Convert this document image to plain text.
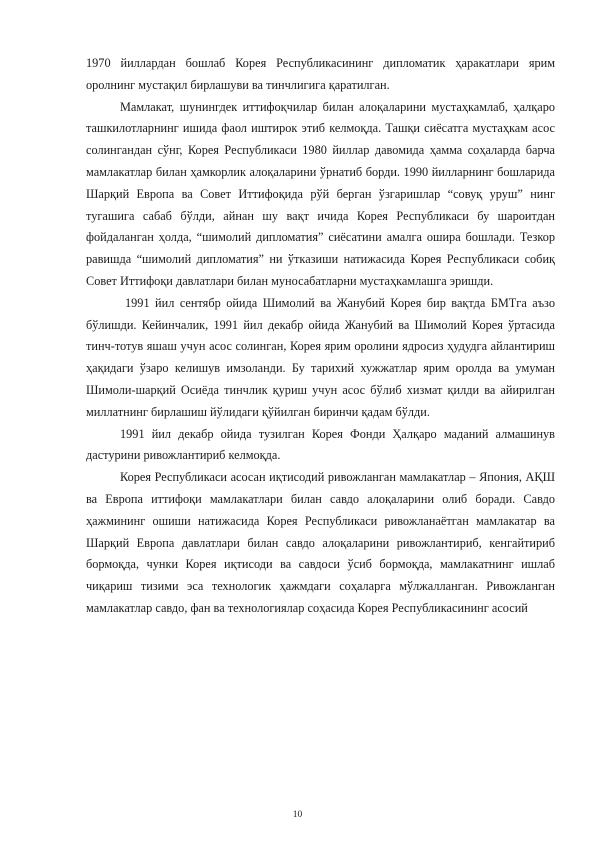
1970 йиллардан бошлаб Корея Республикасининг дипломатик ҳаракатлари ярим оролнинг мустақил бирлашуви ва тинчлигига қаратилган.

Мамлакат, шунингдек иттифоқчилар билан алоқаларини мустаҳкамлаб, ҳалқаро ташкилотларнинг ишида фаол иштирок этиб келмоқда. Ташқи сиёсатга мустаҳкам асос солингандан сўнг, Корея Республикаси 1980 йиллар давомида ҳамма соҳаларда барча мамлакатлар билан ҳамкорлик алоқаларини ўрнатиб борди. 1990 йилларнинг бошларида Шарқий Европа ва Совет Иттифоқида рўй берган ўзгаришлар “совуқ уруш” нинг тугашига сабаб бўлди, айнан шу вақт ичида Корея Республикаси бу шароитдан фойдаланган ҳолда, “шимолий дипломатия” сиёсатини амалга ошира бошлади. Тезкор равишда “шимолий дипломатия” ни ўтказиши натижасида Корея Республикаси собиқ Совет Иттифоқи давлатлари билан муносабатларни мустаҳкамлашга эришди.

1991 йил сентябр ойида Шимолий ва Жанубий Корея бир вақтда БМТга аъзо бўлишди. Кейинчалик, 1991 йил декабр ойида Жанубий ва Шимолий Корея ўртасида тинч-тотув яшаш учун асос солинган, Корея ярим оролини ядросиз ҳудудга айлантириш ҳақидаги ўзаро келишув имзоланди. Бу тарихий хужжатлар ярим оролда ва умуман Шимоли-шарқий Осиёда тинчлик қуриш учун асос бўлиб хизмат қилди ва айирилган миллатнинг бирлашиш йўлидаги қўйилган биринчи қадам бўлди.

1991 йил декабр ойида тузилган Корея Фонди Ҳалқаро маданий алмашинув дастурини ривожлантириб келмоқда.

Корея Республикаси асосан иқтисодий ривожланган мамлакатлар – Япония, АҚШ ва Европа иттифоқи мамлакатлари билан савдо алоқаларини олиб боради. Савдо ҳажмининг ошиши натижасида Корея Республикаси ривожланаётган мамлакатар ва Шарқий Европа давлатлари билан савдо алоқаларини ривожлантириб, кенгайтириб бормоқда, чунки Корея иқтисоди ва савдоси ўсиб бормоқда, мамлакатнинг ишлаб чиқариш тизими эса технологик ҳажмдаги соҳаларга мўлжалланган. Ривожланган мамлакатлар савдо, фан ва технологиялар соҳасида Корея Республикасининг асосий

10
